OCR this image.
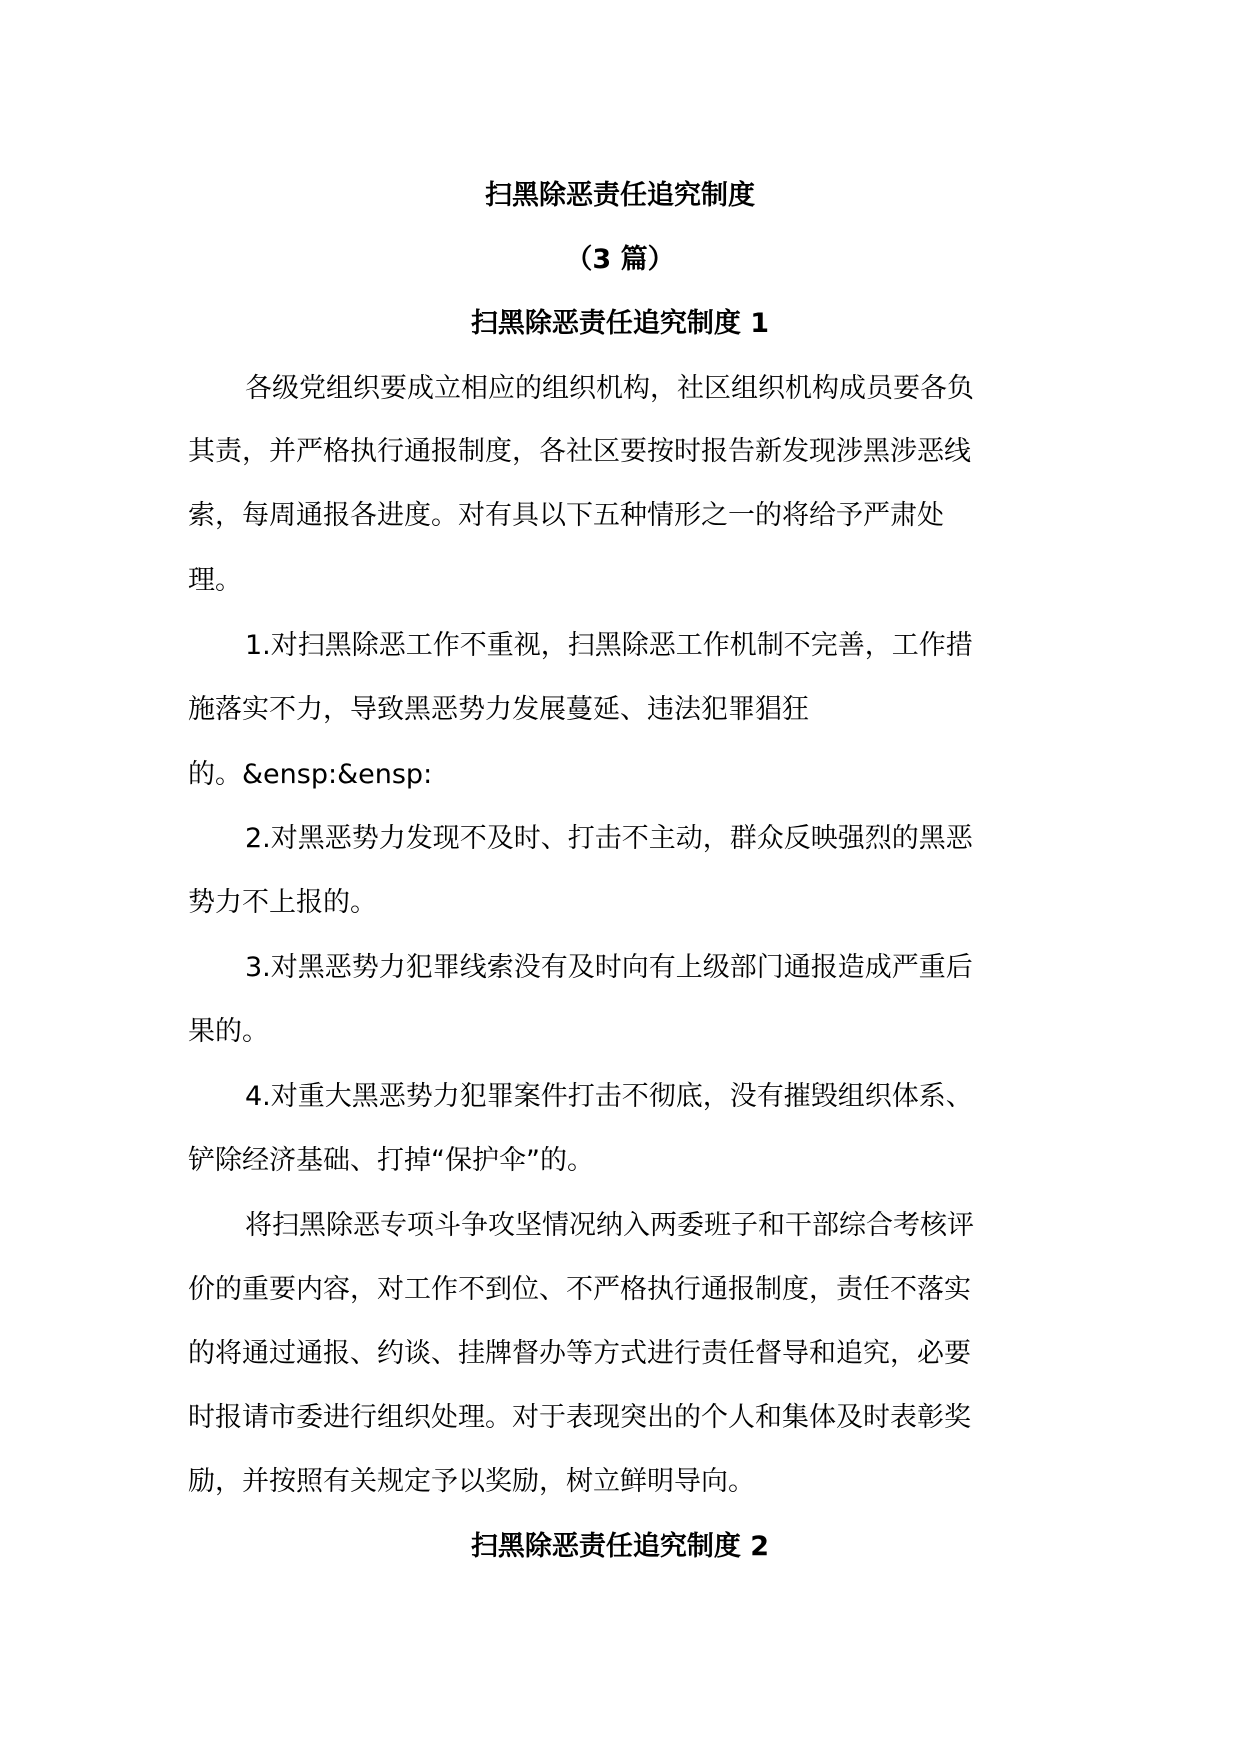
扫黑除恶责任追究制度
（3 篇）
扫黑除恶责任追究制度 1
各级党组织要成立相应的组织机构，社区组织机构成员要各负
其责，并严格执行通报制度，各社区要按时报告新发现涉黑涉恶线
索，每周通报各进度。对有具以下五种情形之一的将给予严肃处
理。
1.对扫黑除恶工作不重视，扫黑除恶工作机制不完善，工作措
施落实不力，导致黑恶势力发展蔓延、违法犯罪猖狂
的。&ensp:&ensp:
2.对黑恶势力发现不及时、打击不主动，群众反映强烈的黑恶
势力不上报的。
3.对黑恶势力犯罪线索没有及时向有上级部门通报造成严重后
果的。
4.对重大黑恶势力犯罪案件打击不彻底，没有摧毁组织体系、
铲除经济基础、打掉“保护伞”的。
将扫黑除恶专项斗争攻坚情况纳入两委班子和干部综合考核评
价的重要内容，对工作不到位、不严格执行通报制度，责任不落实
的将通过通报、约谈、挂牌督办等方式进行责任督导和追究，必要
时报请市委进行组织处理。对于表现突出的个人和集体及时表彰奖
励，并按照有关规定予以奖励，树立鲜明导向。
扫黑除恶责任追究制度 2
